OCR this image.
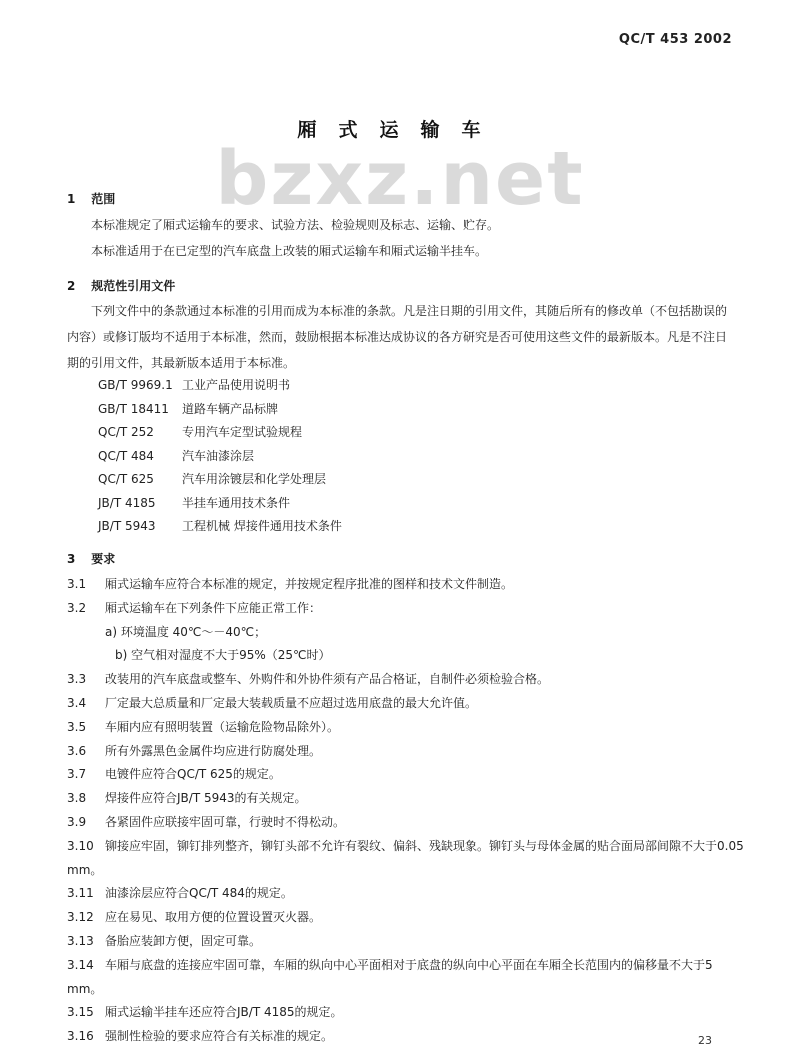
bzxz.net
QC/T 453 2002
厢式运输车
1 范围

本标准规定了厢式运输车的要求、试验方法、检验规则及标志、运输、贮存。

本标准适用于在已定型的汽车底盘上改装的厢式运输车和厢式运输半挂车。

2 规范性引用文件

下列文件中的条款通过本标准的引用而成为本标准的条款。凡是注日期的引用文件，其随后所有的修改单（不包括勘误的内容）或修订版均不适用于本标准，然而，鼓励根据本标准达成协议的各方研究是否可使用这些文件的最新版本。凡是不注日期的引用文件，其最新版本适用于本标准。

GB/T 9969.1 工业产品使用说明书
GB/T 18411 道路车辆产品标牌
QC/T 252 专用汽车定型试验规程
QC/T 484 汽车油漆涂层
QC/T 625 汽车用涂镀层和化学处理层
JB/T 4185 半挂车通用技术条件
JB/T 5943 工程机械 焊接件通用技术条件
3 要求
3.1 厢式运输车应符合本标准的规定，并按规定程序批准的图样和技术文件制造。
3.2 厢式运输车在下列条件下应能正常工作：
a) 环境温度 40℃～－40℃；
b) 空气相对湿度不大于95%（25℃时）
3.3 改装用的汽车底盘或整车、外购件和外协件须有产品合格证，自制件必须检验合格。
3.4 厂定最大总质量和厂定最大装载质量不应超过选用底盘的最大允许值。
3.5 车厢内应有照明装置（运输危险物品除外）。
3.6 所有外露黑色金属件均应进行防腐处理。
3.7 电镀件应符合QC/T 625的规定。
3.8 焊接件应符合JB/T 5943的有关规定。
3.9 各紧固件应联接牢固可靠，行驶时不得松动。
3.10 铆接应牢固，铆钉排列整齐，铆钉头部不允许有裂纹、偏斜、残缺现象。铆钉头与母体金属的贴合面局部间隙不大于0.05 mm。
3.11 油漆涂层应符合QC/T 484的规定。
3.12 应在易见、取用方便的位置设置灭火器。
3.13 备胎应装卸方便，固定可靠。
3.14 车厢与底盘的连接应牢固可靠，车厢的纵向中心平面相对于底盘的纵向中心平面在车厢全长范围内的偏移量不大于5 mm。
3.15 厢式运输半挂车还应符合JB/T 4185的规定。
3.16 强制性检验的要求应符合有关标准的规定。	23
